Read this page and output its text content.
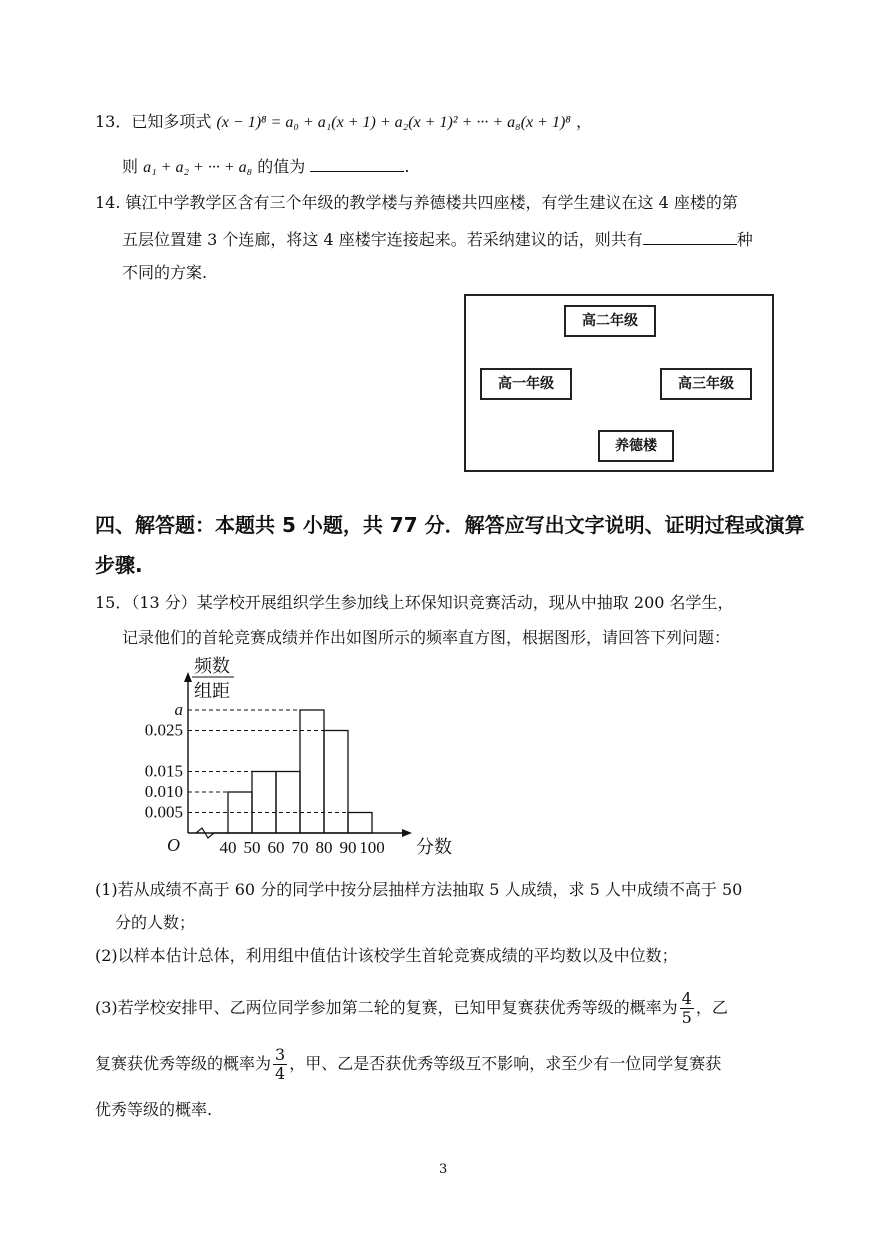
13．已知多项式 (x − 1)⁸ = a₀ + a₁(x + 1) + a₂(x + 1)² + ··· + a₈(x + 1)⁸ ，
则 a₁ + a₂ + ··· + a₈ 的值为	.
14. 镇江中学教学区含有三个年级的教学楼与养德楼共四座楼，有学生建议在这 4 座楼的第
五层位置建 3 个连廊，将这 4 座楼宇连接起来。若采纳建议的话，则共有	种
不同的方案.
高二年级
高一年级	高三年级
养德楼
四、解答题：本题共 5 小题，共 77 分．解答应写出文字说明、证明过程或演算
步骤.
15．（13 分）某学校开展组织学生参加线上环保知识竞赛活动，现从中抽取 200 名学生，
记录他们的首轮竞赛成绩并作出如图所示的频率直方图，根据图形，请回答下列问题：
a
0.025
0.015
0.010
0.005
40 50 60 70 80 90 100 分数
O
频数
组距
(1)若从成绩不高于 60 分的同学中按分层抽样方法抽取 5 人成绩，求 5 人中成绩不高于 50
分的人数；
(2)以样本估计总体，利用组中值估计该校学生首轮竞赛成绩的平均数以及中位数；
(3)若学校安排甲、乙两位同学参加第二轮的复赛，已知甲复赛获优秀等级的概率为 $\frac{4}{5}$ ，乙
复赛获优秀等级的概率为 $\frac{3}{4}$ ，甲、乙是否获优秀等级互不影响，求至少有一位同学复赛获
优秀等级的概率.
3
